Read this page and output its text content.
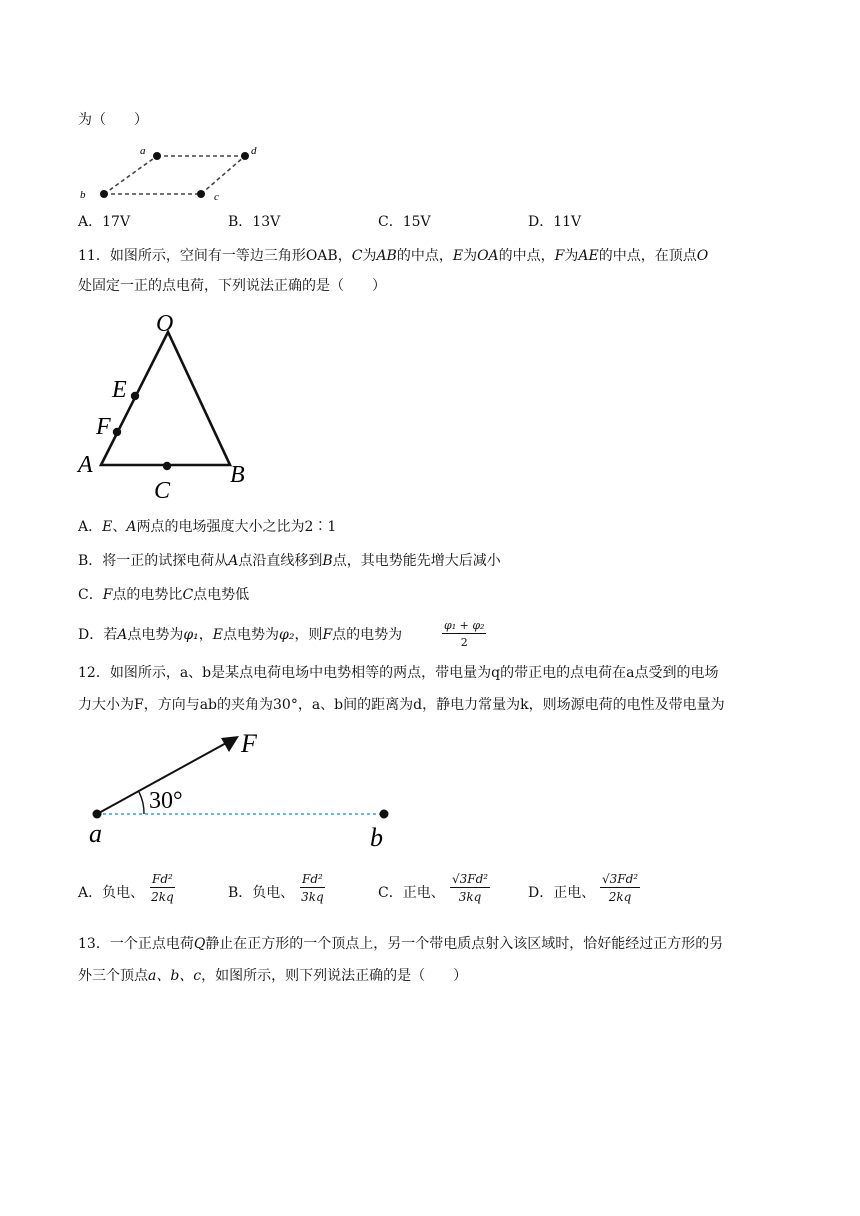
为（　　）
a	d
b	c
A．17V	B．13V	C．15V	D．11V
11．如图所示，空间有一等边三角形OAB，C为AB的中点，E为OA的中点，F为AE的中点，在顶点O
处固定一正的点电荷，下列说法正确的是（　　）
O
E
F
A	B
C
A．E、A两点的电场强度大小之比为2∶1
B．将一正的试探电荷从A点沿直线移到B点，其电势能先增大后减小
C．F点的电势比C点电势低
D．若A点电势为φ₁，E点电势为φ₂，则F点的电势为	$\frac{\text{φ₁ + φ₂}}{2}$
12．如图所示，a、b是某点电荷电场中电势相等的两点，带电量为q的带正电的点电荷在a点受到的电场
力大小为F，方向与ab的夹角为30°，a、b间的距离为d，静电力常量为k，则场源电荷的电性及带电量为
F
30°
a	b
A．负电、 $\frac{\text{Fd²}}{2kq}$	B．负电、 $\frac{\text{Fd²}}{3kq}$	C．正电、 $\frac{\text{√3Fd²}}{3kq}$	D．正电、 $\frac{\text{√3Fd²}}{2kq}$
13．一个正点电荷Q静止在正方形的一个顶点上，另一个带电质点射入该区域时，恰好能经过正方形的另
外三个顶点a、b、c，如图所示，则下列说法正确的是（　　）
